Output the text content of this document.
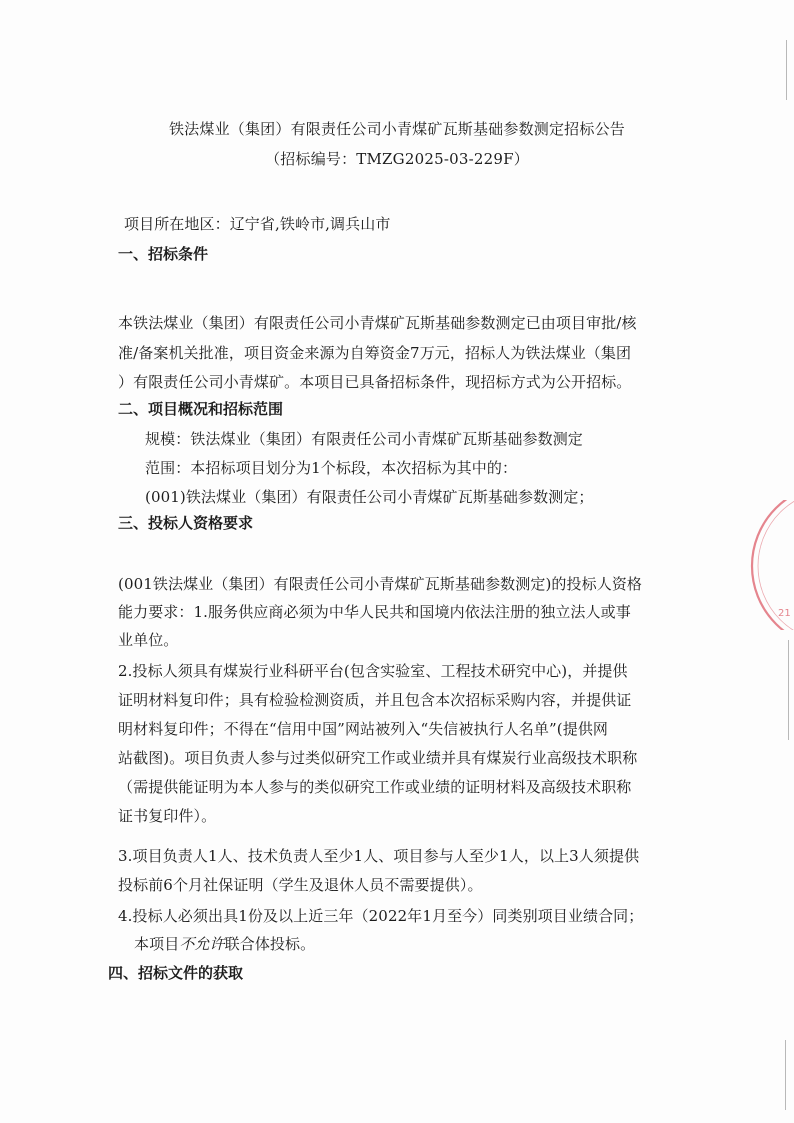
铁法煤业（集团）有限责任公司小青煤矿瓦斯基础参数测定招标公告
（招标编号：TMZG2025-03-229F）
项目所在地区：辽宁省,铁岭市,调兵山市
一、招标条件
本铁法煤业（集团）有限责任公司小青煤矿瓦斯基础参数测定已由项目审批/核
准/备案机关批准，项目资金来源为自筹资金7万元，招标人为铁法煤业（集团
）有限责任公司小青煤矿。本项目已具备招标条件，现招标方式为公开招标。
二、项目概况和招标范围
规模：铁法煤业（集团）有限责任公司小青煤矿瓦斯基础参数测定
范围：本招标项目划分为1个标段，本次招标为其中的：
(001)铁法煤业（集团）有限责任公司小青煤矿瓦斯基础参数测定；
三、投标人资格要求
(001铁法煤业（集团）有限责任公司小青煤矿瓦斯基础参数测定)的投标人资格
能力要求：1.服务供应商必须为中华人民共和国境内依法注册的独立法人或事
业单位。
2.投标人须具有煤炭行业科研平台(包含实验室、工程技术研究中心)，并提供
证明材料复印件；具有检验检测资质，并且包含本次招标采购内容，并提供证
明材料复印件；不得在“信用中国”网站被列入“失信被执行人名单”(提供网
站截图)。项目负责人参与过类似研究工作或业绩并具有煤炭行业高级技术职称
（需提供能证明为本人参与的类似研究工作或业绩的证明材料及高级技术职称
证书复印件）。
3.项目负责人1人、技术负责人至少1人、项目参与人至少1人，以上3人须提供
投标前6个月社保证明（学生及退休人员不需要提供）。
4.投标人必须出具1份及以上近三年（2022年1月至今）同类别项目业绩合同；
本项目不允许联合体投标。
四、招标文件的获取
21
